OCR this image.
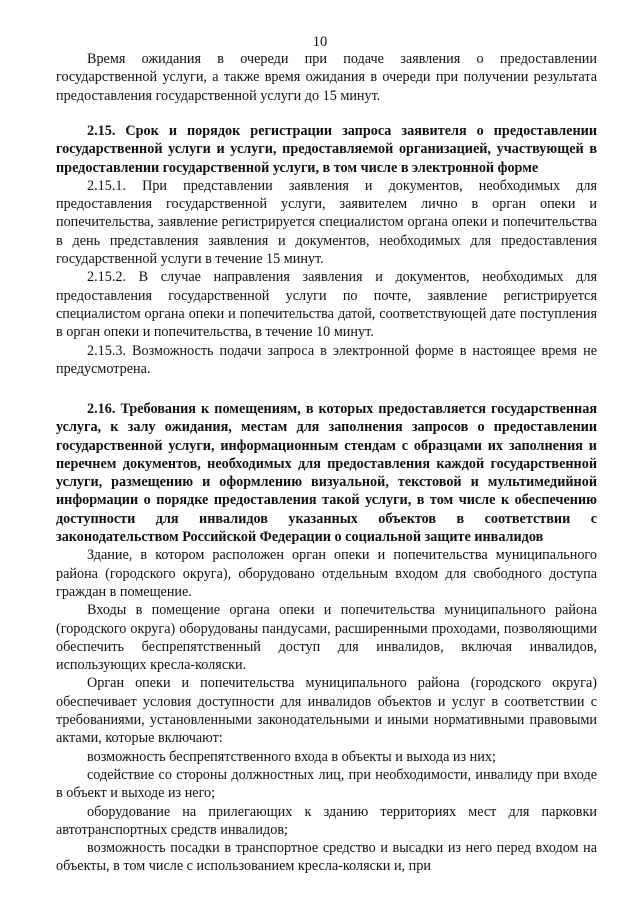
10

Время ожидания в очереди при подаче заявления о предоставлении государственной услуги, а также время ожидания в очереди при получении результата предоставления государственной услуги до 15 минут.

2.15. Срок и порядок регистрации запроса заявителя о предоставлении государственной услуги и услуги, предоставляемой организацией, участвующей в предоставлении государственной услуги, в том числе в электронной форме

2.15.1. При представлении заявления и документов, необходимых для предоставления государственной услуги, заявителем лично в орган опеки и попечительства, заявление регистрируется специалистом органа опеки и попечительства в день представления заявления и документов, необходимых для предоставления государственной услуги в течение 15 минут.

2.15.2. В случае направления заявления и документов, необходимых для предоставления государственной услуги по почте, заявление регистрируется специалистом органа опеки и попечительства датой, соответствующей дате поступления в орган опеки и попечительства, в течение 10 минут.

2.15.3. Возможность подачи запроса в электронной форме в настоящее время не предусмотрена.

2.16. Требования к помещениям, в которых предоставляется государственная услуга, к залу ожидания, местам для заполнения запросов о предоставлении государственной услуги, информационным стендам с образцами их заполнения и перечнем документов, необходимых для предоставления каждой государственной услуги, размещению и оформлению визуальной, текстовой и мультимедийной информации о порядке предоставления такой услуги, в том числе к обеспечению доступности для инвалидов указанных объектов в соответствии с законодательством Российской Федерации о социальной защите инвалидов

Здание, в котором расположен орган опеки и попечительства муниципального района (городского округа), оборудовано отдельным входом для свободного доступа граждан в помещение.

Входы в помещение органа опеки и попечительства муниципального района (городского округа) оборудованы пандусами, расширенными проходами, позволяющими обеспечить беспрепятственный доступ для инвалидов, включая инвалидов, использующих кресла-коляски.

Орган опеки и попечительства муниципального района (городского округа) обеспечивает условия доступности для инвалидов объектов и услуг в соответствии с требованиями, установленными законодательными и иными нормативными правовыми актами, которые включают:

возможность беспрепятственного входа в объекты и выхода из них;

содействие со стороны должностных лиц, при необходимости, инвалиду при входе в объект и выходе из него;

оборудование на прилегающих к зданию территориях мест для парковки автотранспортных средств инвалидов;

возможность посадки в транспортное средство и высадки из него перед входом на объекты, в том числе с использованием кресла-коляски и, при
